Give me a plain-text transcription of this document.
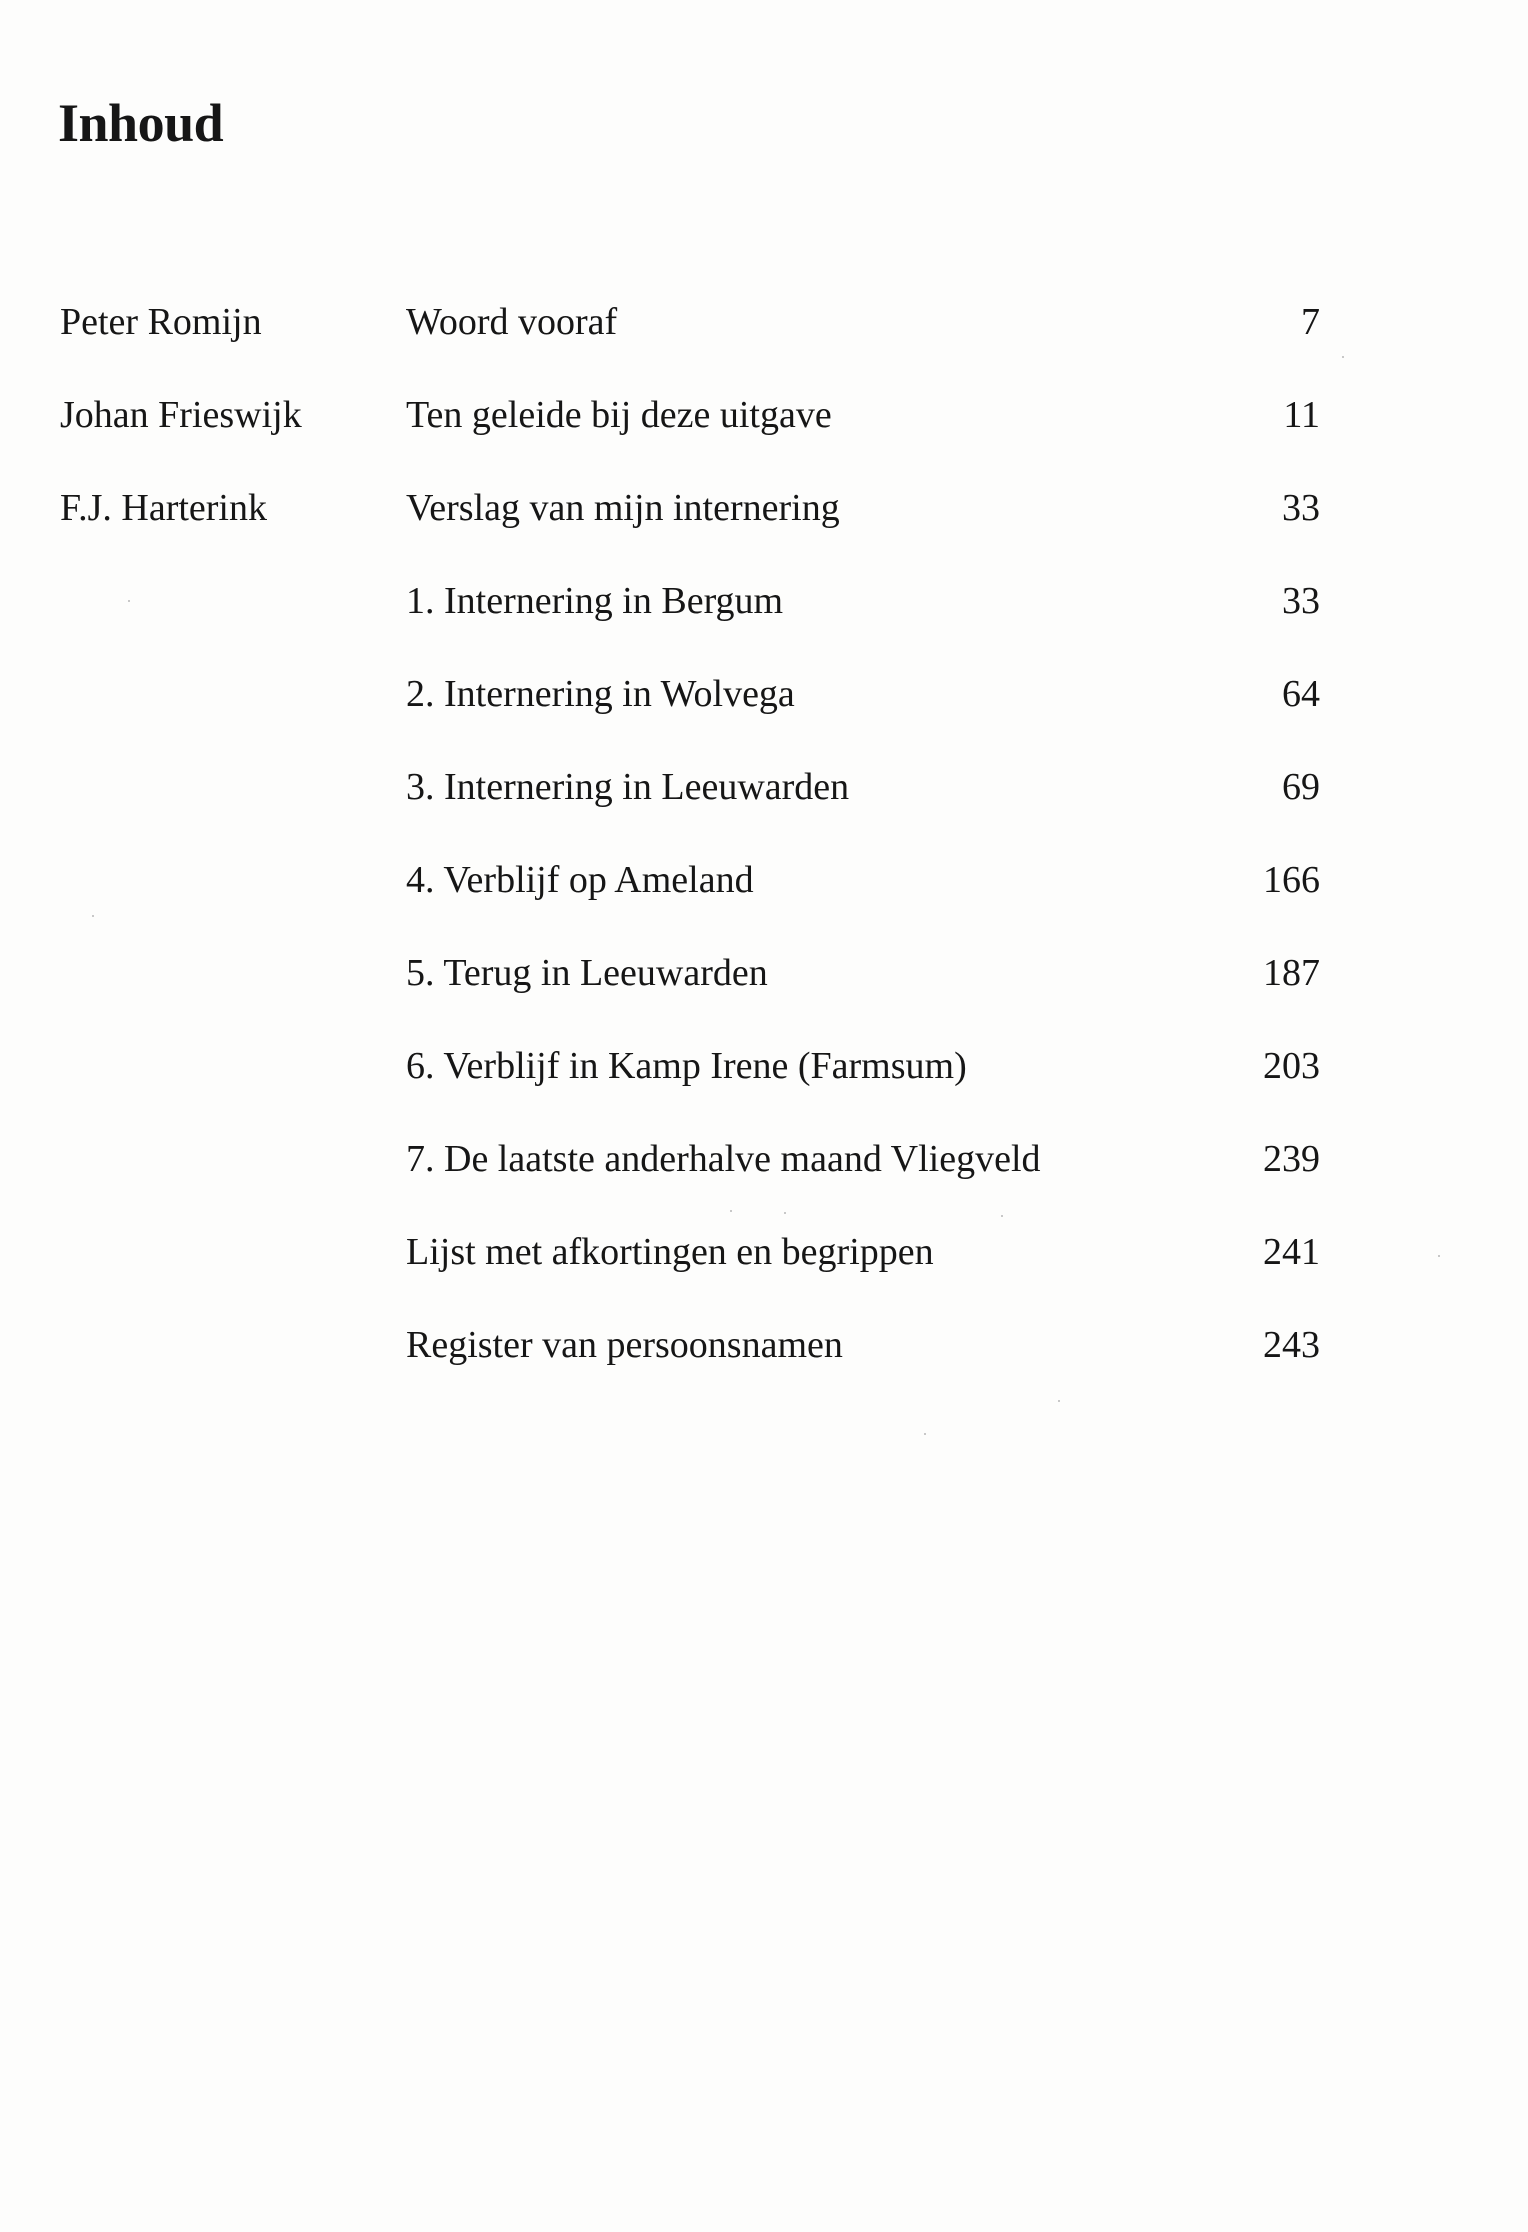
Inhoud
Peter Romijn	Woord vooraf	7
Johan Frieswijk	Ten geleide bij deze uitgave	11
F.J. Harterink	Verslag van mijn internering	33
1. Internering in Bergum	33
2. Internering in Wolvega	64
3. Internering in Leeuwarden	69
4. Verblijf op Ameland	166
5. Terug in Leeuwarden	187
6. Verblijf in Kamp Irene (Farmsum)	203
7. De laatste anderhalve maand Vliegveld	239
Lijst met afkortingen en begrippen	241
Register van persoonsnamen	243
